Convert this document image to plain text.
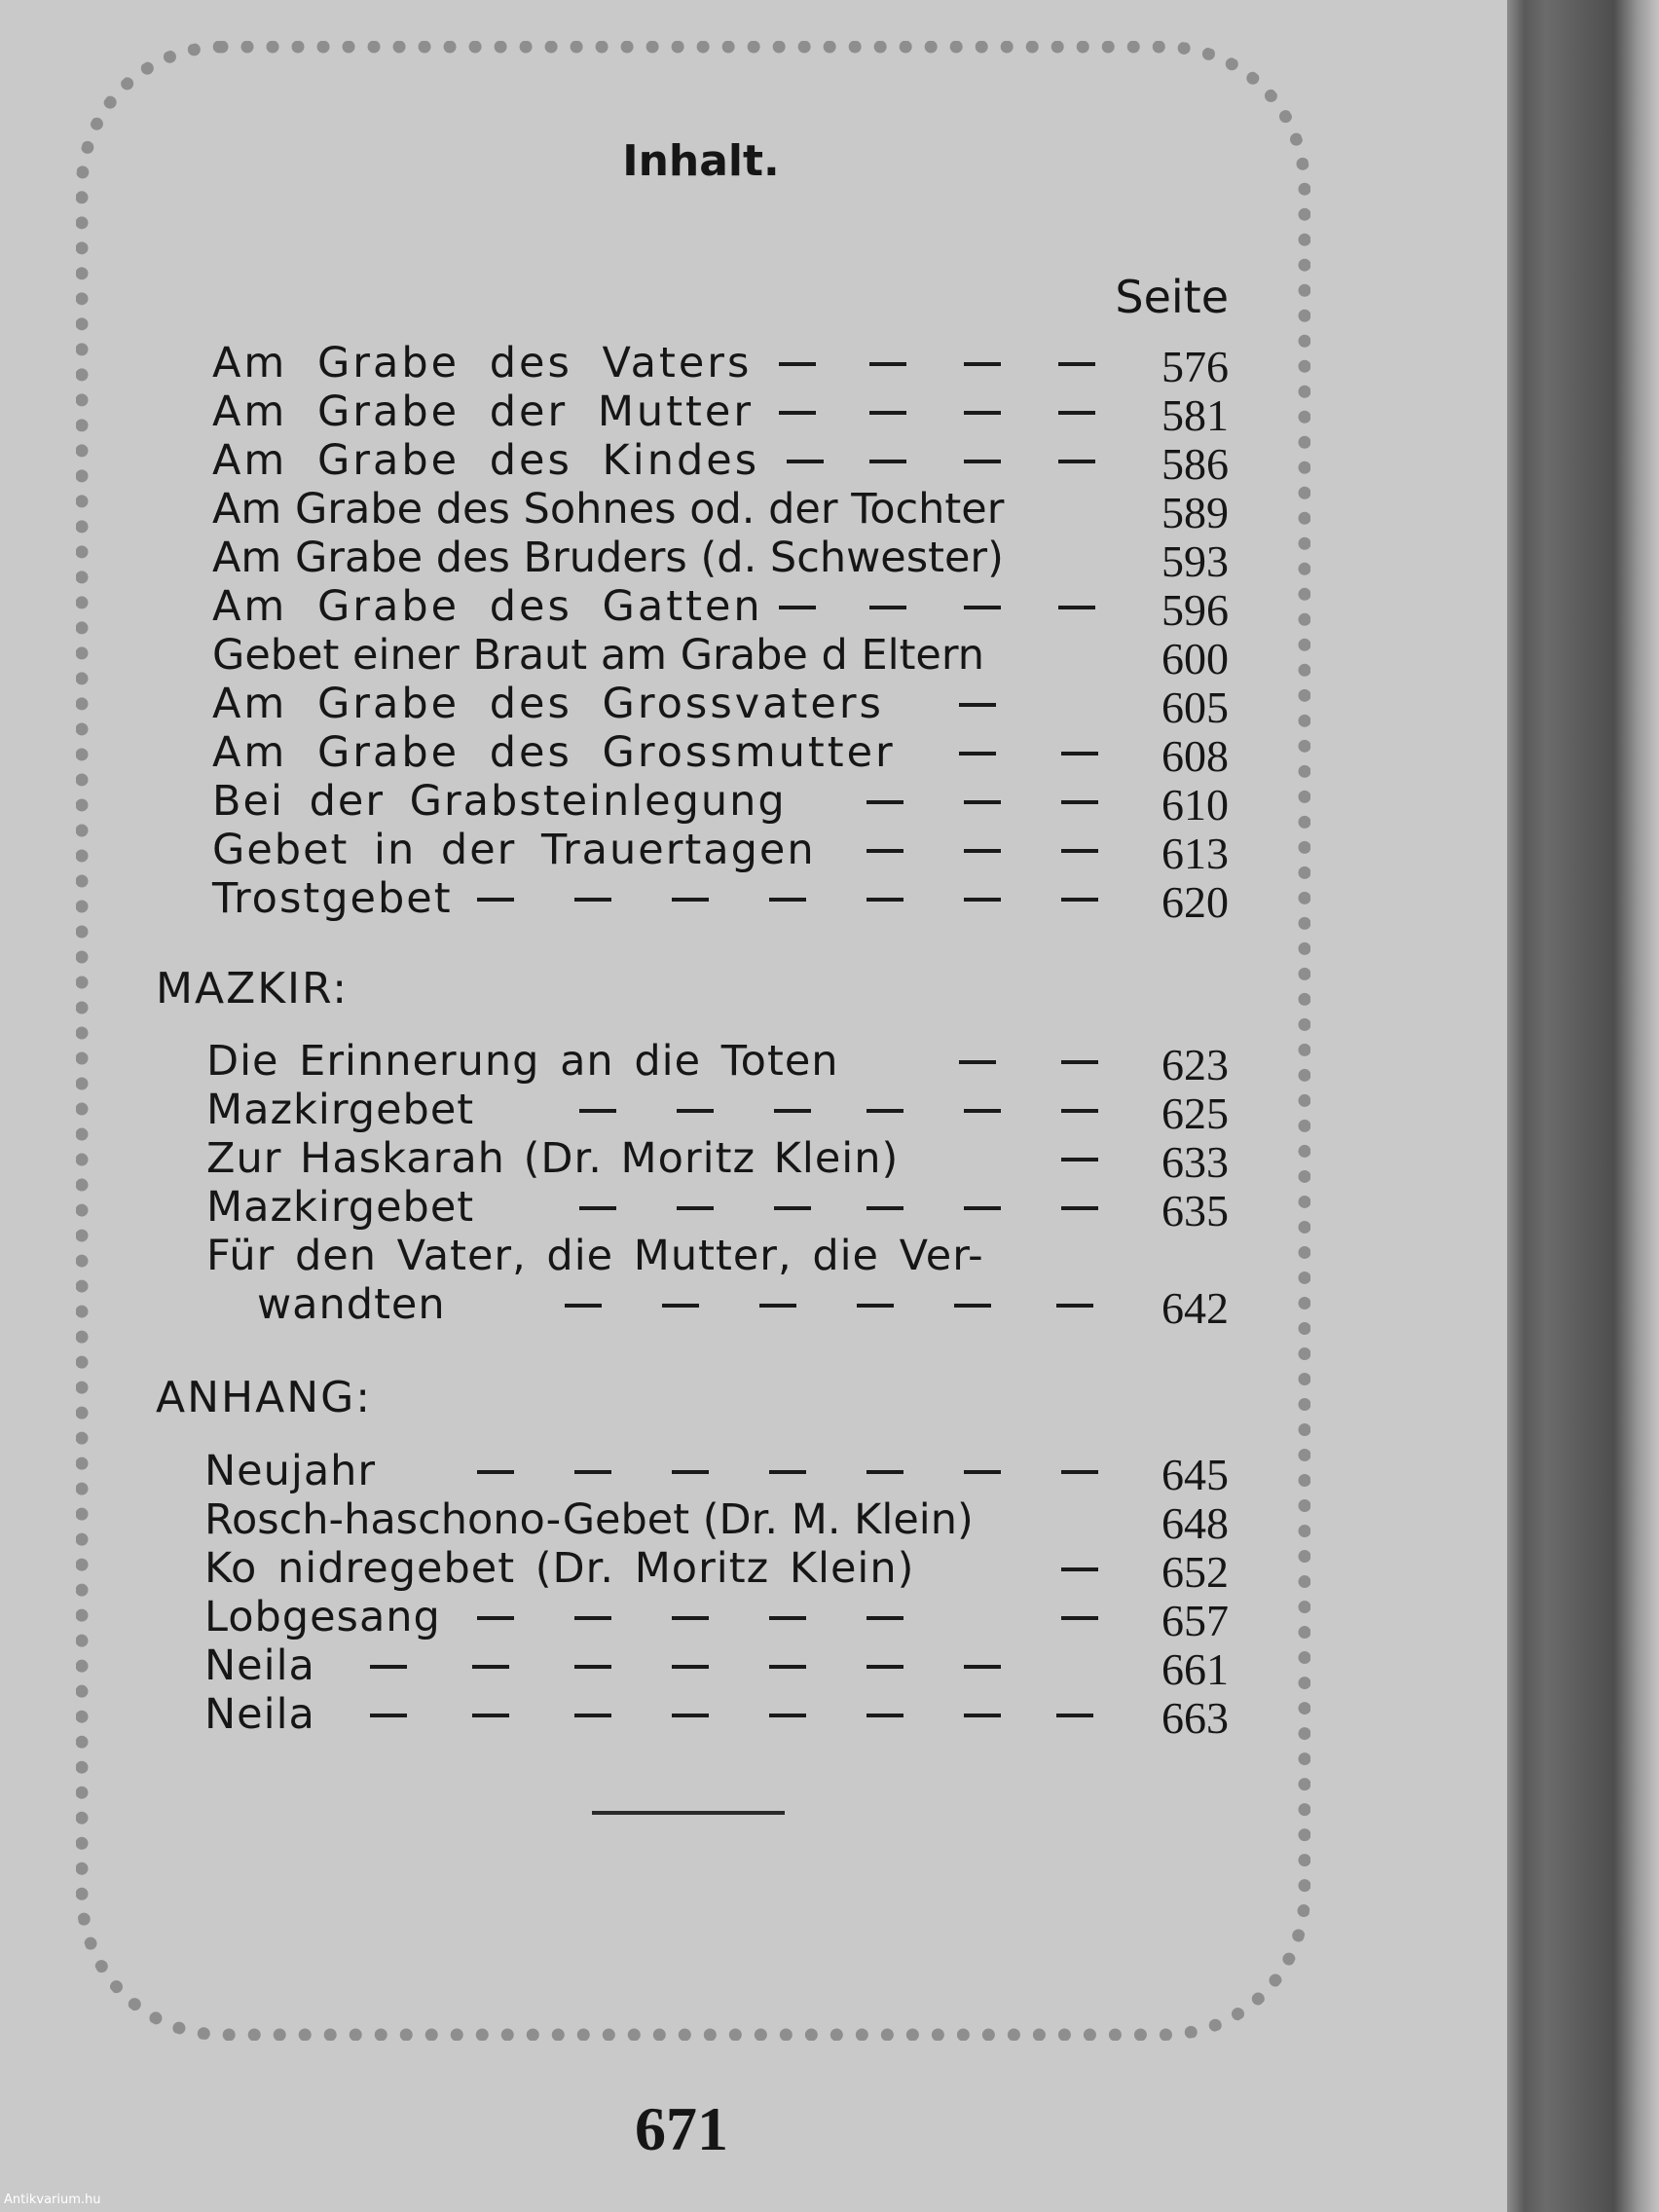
Inhalt.
Seite
Am Grabe des Vaters	576
Am Grabe der Mutter	581
Am Grabe des Kindes	586
Am Grabe des Sohnes od. der Tochter	589
Am Grabe des Bruders (d. Schwester)	593
Am Grabe des Gatten	596
Gebet einer Braut am Grabe d Eltern	600
Am Grabe des Grossvaters	605
Am Grabe des Grossmutter	608
Bei der Grabsteinlegung	610
Gebet in der Trauertagen	613
Trostgebet	620
MAZKIR:
Die Erinnerung an die Toten	623
Mazkirgebet	625
Zur Haskarah (Dr. Moritz Klein)	633
Mazkirgebet	635
Für den Vater, die Mutter, die Ver-
wandten	642
ANHANG:
Neujahr	645
Rosch-haschono-Gebet (Dr. M. Klein)	648
Ko nidregebet (Dr. Moritz Klein)	652
Lobgesang	657
Neila	661
Neila	663
671
Antikvarium.hu
